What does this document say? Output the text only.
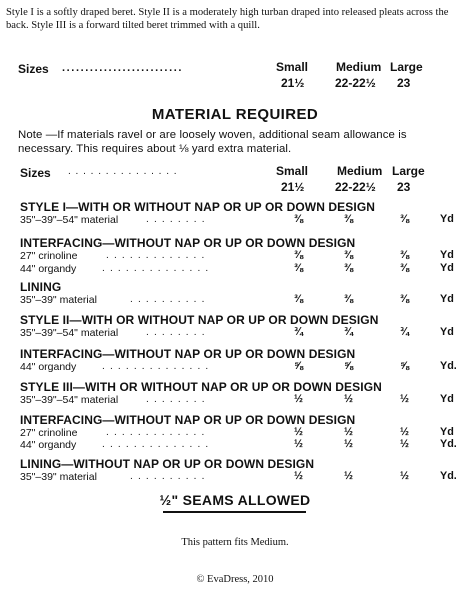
Style I is a softly draped beret. Style II is a moderately high turban draped into released pleats across the back. Style III is a forward tilted beret trimmed with a quill.
Sizes ..........................	Small Medium Large
21½	22-22½ 23
MATERIAL REQUIRED
Note —If materials ravel or are loosely woven, additional seam allowance is necessary. This requires about ⅛ yard extra material.
Sizes . . . . . . . . . . . . . . .	Small Medium Large
21½	22-22½ 23
STYLE I—WITH OR WITHOUT NAP OR UP OR DOWN DESIGN
35"–39"–54" material	. . . . . . . .	⅜	⅜	⅜	Yd
INTERFACING—WITHOUT NAP OR UP OR DOWN DESIGN
27" crinoline	. . . . . . . . . . . . .	⅜	⅜	⅜	Yd
44" organdy	. . . . . . . . . . . . . .	⅜	⅜	⅜	Yd
LINING
35"–39" material	. . . . . . . . . .	⅜	⅜	⅜	Yd
STYLE II—WITH OR WITHOUT NAP OR UP OR DOWN DESIGN
35"–39"–54" material	. . . . . . . .	¾	¾	¾	Yd
INTERFACING—WITHOUT NAP OR UP OR DOWN DESIGN
44" organdy	. . . . . . . . . . . . . .	⅝	⅝	⅝	Yd.
STYLE III—WITH OR WITHOUT NAP OR UP OR DOWN DESIGN
35"–39"–54" material	. . . . . . . .	½	½	½	Yd
INTERFACING—WITHOUT NAP OR UP OR DOWN DESIGN
27" crinoline	. . . . . . . . . . . . .	½	½	½	Yd
44" organdy	. . . . . . . . . . . . . .	½	½	½	Yd.
LINING—WITHOUT NAP OR UP OR DOWN DESIGN
35"–39" material	. . . . . . . . . .	½	½	½	Yd.
½" SEAMS ALLOWED
This pattern fits Medium.
© EvaDress, 2010
